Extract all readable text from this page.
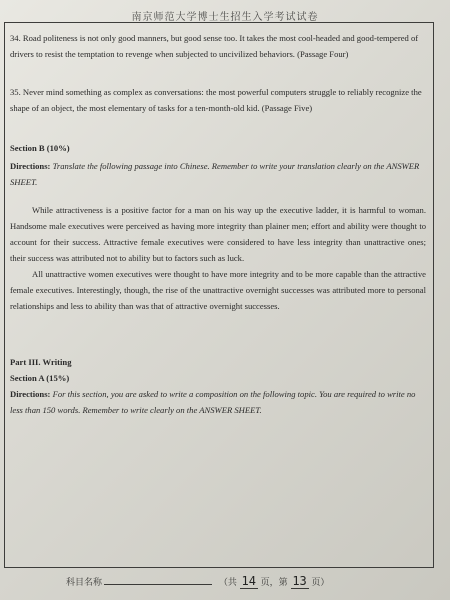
南京师范大学博士生招生入学考试试卷

34. Road politeness is not only good manners, but good sense too. It takes the most cool-headed and good-tempered of drivers to resist the temptation to revenge when subjected to uncivilized behaviors. (Passage Four)

35. Never mind something as complex as conversations: the most powerful computers struggle to reliably recognize the shape of an object, the most elementary of tasks for a ten-month-old kid. (Passage Five)

Section B (10%)

Directions: Translate the following passage into Chinese. Remember to write your translation clearly on the ANSWER SHEET.

While attractiveness is a positive factor for a man on his way up the executive ladder, it is harmful to woman. Handsome male executives were perceived as having more integrity than plainer men; effort and ability were thought to account for their success. Attractive female executives were considered to have less integrity than unattractive ones; their success was attributed not to ability but to factors such as luck.

All unattractive women executives were thought to have more integrity and to be more capable than the attractive female executives. Interestingly, though, the rise of the unattractive overnight successes was attributed more to personal relationships and less to ability than was that of attractive overnight successes.

Part III. Writing

Section A (15%)

Directions: For this section, you are asked to write a composition on the following topic. You are required to write no less than 150 words. Remember to write clearly on the ANSWER SHEET.

科目名称	（共 14 页，第 13 页）
